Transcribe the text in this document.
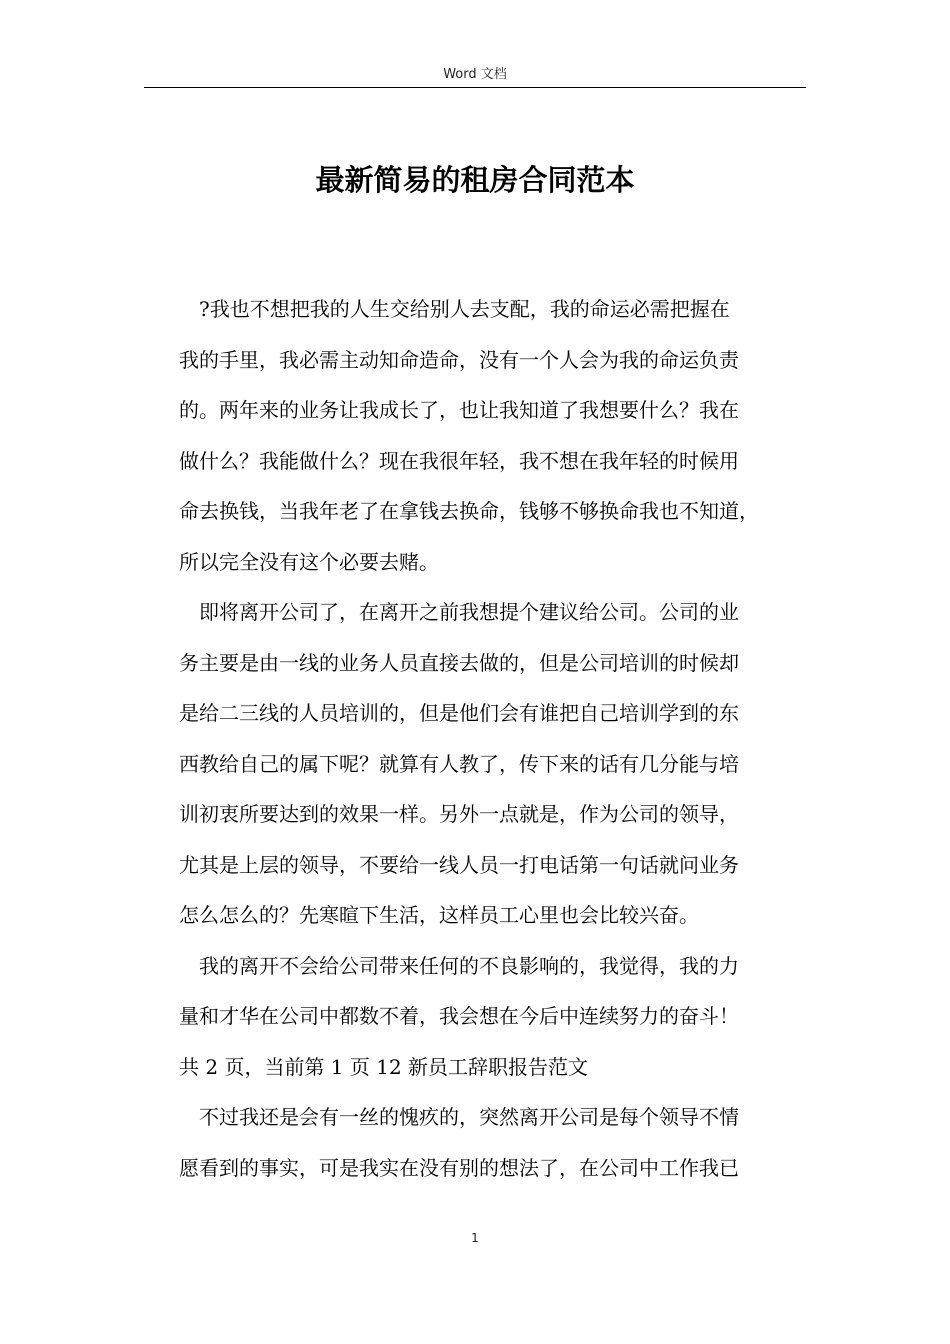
Word 文档
最新简易的租房合同范本
?我也不想把我的人生交给别人去支配，我的命运必需把握在
我的手里，我必需主动知命造命，没有一个人会为我的命运负责
的。两年来的业务让我成长了，也让我知道了我想要什么？我在
做什么？我能做什么？现在我很年轻，我不想在我年轻的时候用
命去换钱，当我年老了在拿钱去换命，钱够不够换命我也不知道，
所以完全没有这个必要去赌。
即将离开公司了，在离开之前我想提个建议给公司。公司的业
务主要是由一线的业务人员直接去做的，但是公司培训的时候却
是给二三线的人员培训的，但是他们会有谁把自己培训学到的东
西教给自己的属下呢？就算有人教了，传下来的话有几分能与培
训初衷所要达到的效果一样。另外一点就是，作为公司的领导，
尤其是上层的领导，不要给一线人员一打电话第一句话就问业务
怎么怎么的？先寒暄下生活，这样员工心里也会比较兴奋。
我的离开不会给公司带来任何的不良影响的，我觉得，我的力
量和才华在公司中都数不着，我会想在今后中连续努力的奋斗！
共 2 页，当前第 1 页 12 新员工辞职报告范文
不过我还是会有一丝的愧疚的，突然离开公司是每个领导不情
愿看到的事实，可是我实在没有别的想法了，在公司中工作我已
1
